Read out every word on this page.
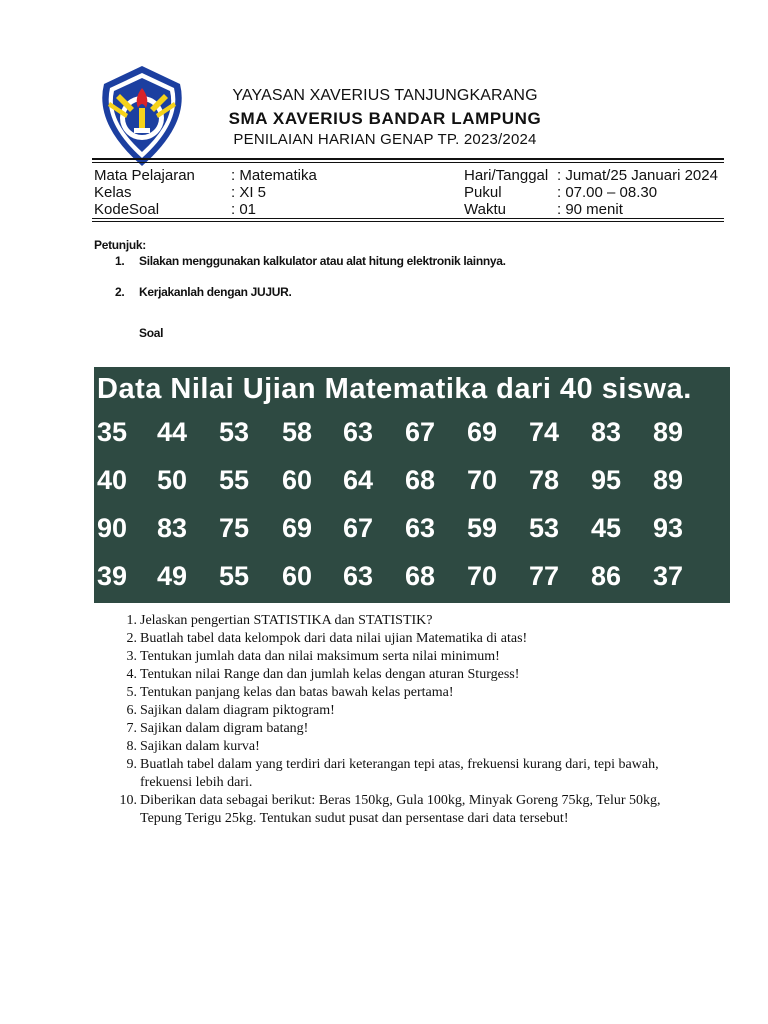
YAYASAN XAVERIUS TANJUNGKARANG
SMA XAVERIUS BANDAR LAMPUNG
PENILAIAN HARIAN GENAP TP. 2023/2024
Mata Pelajaran : Matematika
Kelas	: XI 5
KodeSoal	: 01
Hari/Tanggal : Jumat/25 Januari 2024
Pukul	: 07.00 – 08.30
Waktu	: 90 menit
Petunjuk:
1.	Silakan menggunakan kalkulator atau alat hitung elektronik lainnya.
2.	Kerjakanlah dengan JUJUR.
Soal
Data Nilai Ujian Matematika dari 40 siswa.
35	44	53	58	63	67	69	74	83	89
40	50	55	60	64	68	70	78	95	89
90	83	75	69	67	63	59	53	45	93
39	49	55	60	63	68	70	77	86	37
1. Jelaskan pengertian STATISTIKA dan STATISTIK?
2. Buatlah tabel data kelompok dari data nilai ujian Matematika di atas!
3. Tentukan jumlah data dan nilai maksimum serta nilai minimum!
4. Tentukan nilai Range dan dan jumlah kelas dengan aturan Sturgess!
5. Tentukan panjang kelas dan batas bawah kelas pertama!
6. Sajikan dalam diagram piktogram!
7. Sajikan dalam digram batang!
8. Sajikan dalam kurva!
9. Buatlah tabel dalam yang terdiri dari keterangan tepi atas, frekuensi kurang dari, tepi bawah, frekuensi lebih dari.
10. Diberikan data sebagai berikut: Beras 150kg, Gula 100kg, Minyak Goreng 75kg, Telur 50kg, Tepung Terigu 25kg. Tentukan sudut pusat dan persentase dari data tersebut!
